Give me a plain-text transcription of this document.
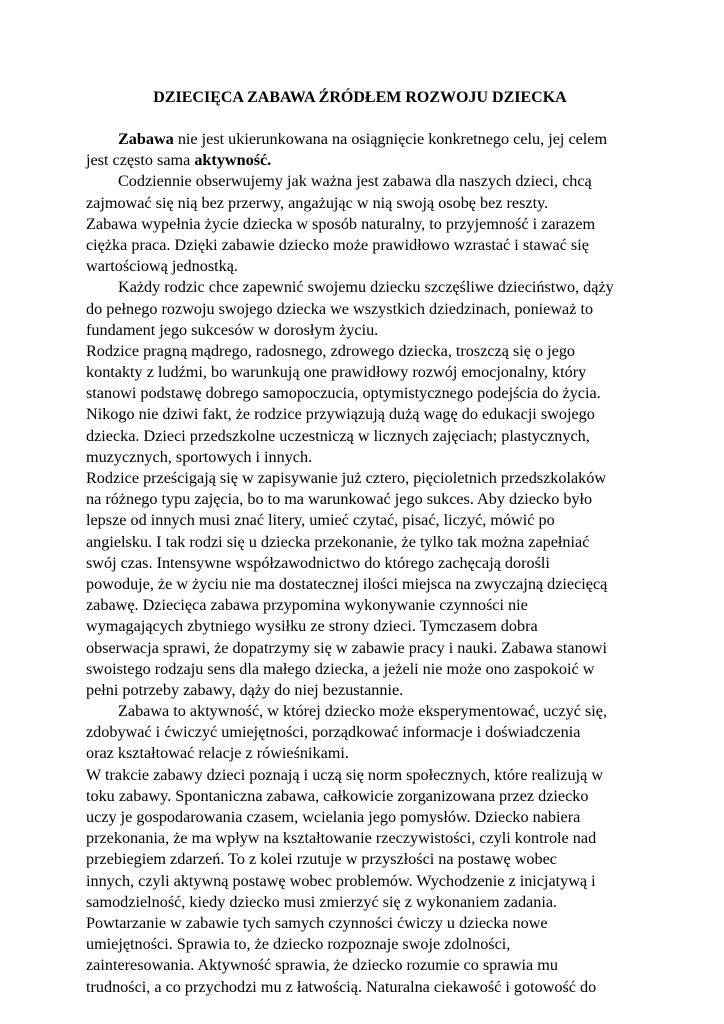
DZIECIĘCA ZABAWA ŹRÓDŁEM ROZWOJU DZIECKA
Zabawa nie jest ukierunkowana na osiągnięcie konkretnego celu, jej celem
jest często sama aktywność.
Codziennie obserwujemy jak ważna jest zabawa dla naszych dzieci, chcą
zajmować się nią bez przerwy, angażując w nią swoją osobę bez reszty.
Zabawa wypełnia życie dziecka w sposób naturalny, to przyjemność i zarazem
ciężka praca. Dzięki zabawie dziecko może prawidłowo wzrastać i stawać się
wartościową jednostką.
Każdy rodzic chce zapewnić swojemu dziecku szczęśliwe dzieciństwo, dąży
do pełnego rozwoju swojego dziecka we wszystkich dziedzinach, ponieważ to
fundament jego sukcesów w dorosłym życiu.
Rodzice pragną mądrego, radosnego, zdrowego dziecka, troszczą się o jego
kontakty z ludźmi, bo warunkują one prawidłowy rozwój emocjonalny, który
stanowi podstawę dobrego samopoczucia, optymistycznego podejścia do życia.
Nikogo nie dziwi fakt, że rodzice przywiązują dużą wagę do edukacji swojego
dziecka. Dzieci przedszkolne uczestniczą w licznych zajęciach; plastycznych,
muzycznych, sportowych i innych.
Rodzice prześcigają się w zapisywanie już cztero, pięcioletnich przedszkolaków
na różnego typu zajęcia, bo to ma warunkować jego sukces. Aby dziecko było
lepsze od innych musi znać litery, umieć czytać, pisać, liczyć, mówić po
angielsku. I tak rodzi się u dziecka przekonanie, że tylko tak można zapełniać
swój czas. Intensywne współzawodnictwo do którego zachęcają dorośli
powoduje, że w życiu nie ma dostatecznej ilości miejsca na zwyczajną dziecięcą
zabawę. Dziecięca zabawa przypomina wykonywanie czynności nie
wymagających zbytniego wysiłku ze strony dzieci. Tymczasem dobra
obserwacja sprawi, że dopatrzymy się w zabawie pracy i nauki. Zabawa stanowi
swoistego rodzaju sens dla małego dziecka, a jeżeli nie może ono zaspokoić w
pełni potrzeby zabawy, dąży do niej bezustannie.
Zabawa to aktywność, w której dziecko może eksperymentować, uczyć się,
zdobywać i ćwiczyć umiejętności, porządkować informacje i doświadczenia
oraz kształtować relacje z rówieśnikami.
W trakcie zabawy dzieci poznają i uczą się norm społecznych, które realizują w
toku zabawy. Spontaniczna zabawa, całkowicie zorganizowana przez dziecko
uczy je gospodarowania czasem, wcielania jego pomysłów. Dziecko nabiera
przekonania, że ma wpływ na kształtowanie rzeczywistości, czyli kontrole nad
przebiegiem zdarzeń. To z kolei rzutuje w przyszłości na postawę wobec
innych, czyli aktywną postawę wobec problemów. Wychodzenie z inicjatywą i
samodzielność, kiedy dziecko musi zmierzyć się z wykonaniem zadania.
Powtarzanie w zabawie tych samych czynności ćwiczy u dziecka nowe
umiejętności. Sprawia to, że dziecko rozpoznaje swoje zdolności,
zainteresowania. Aktywność sprawia, że dziecko rozumie co sprawia mu
trudności, a co przychodzi mu z łatwością. Naturalna ciekawość i gotowość do
